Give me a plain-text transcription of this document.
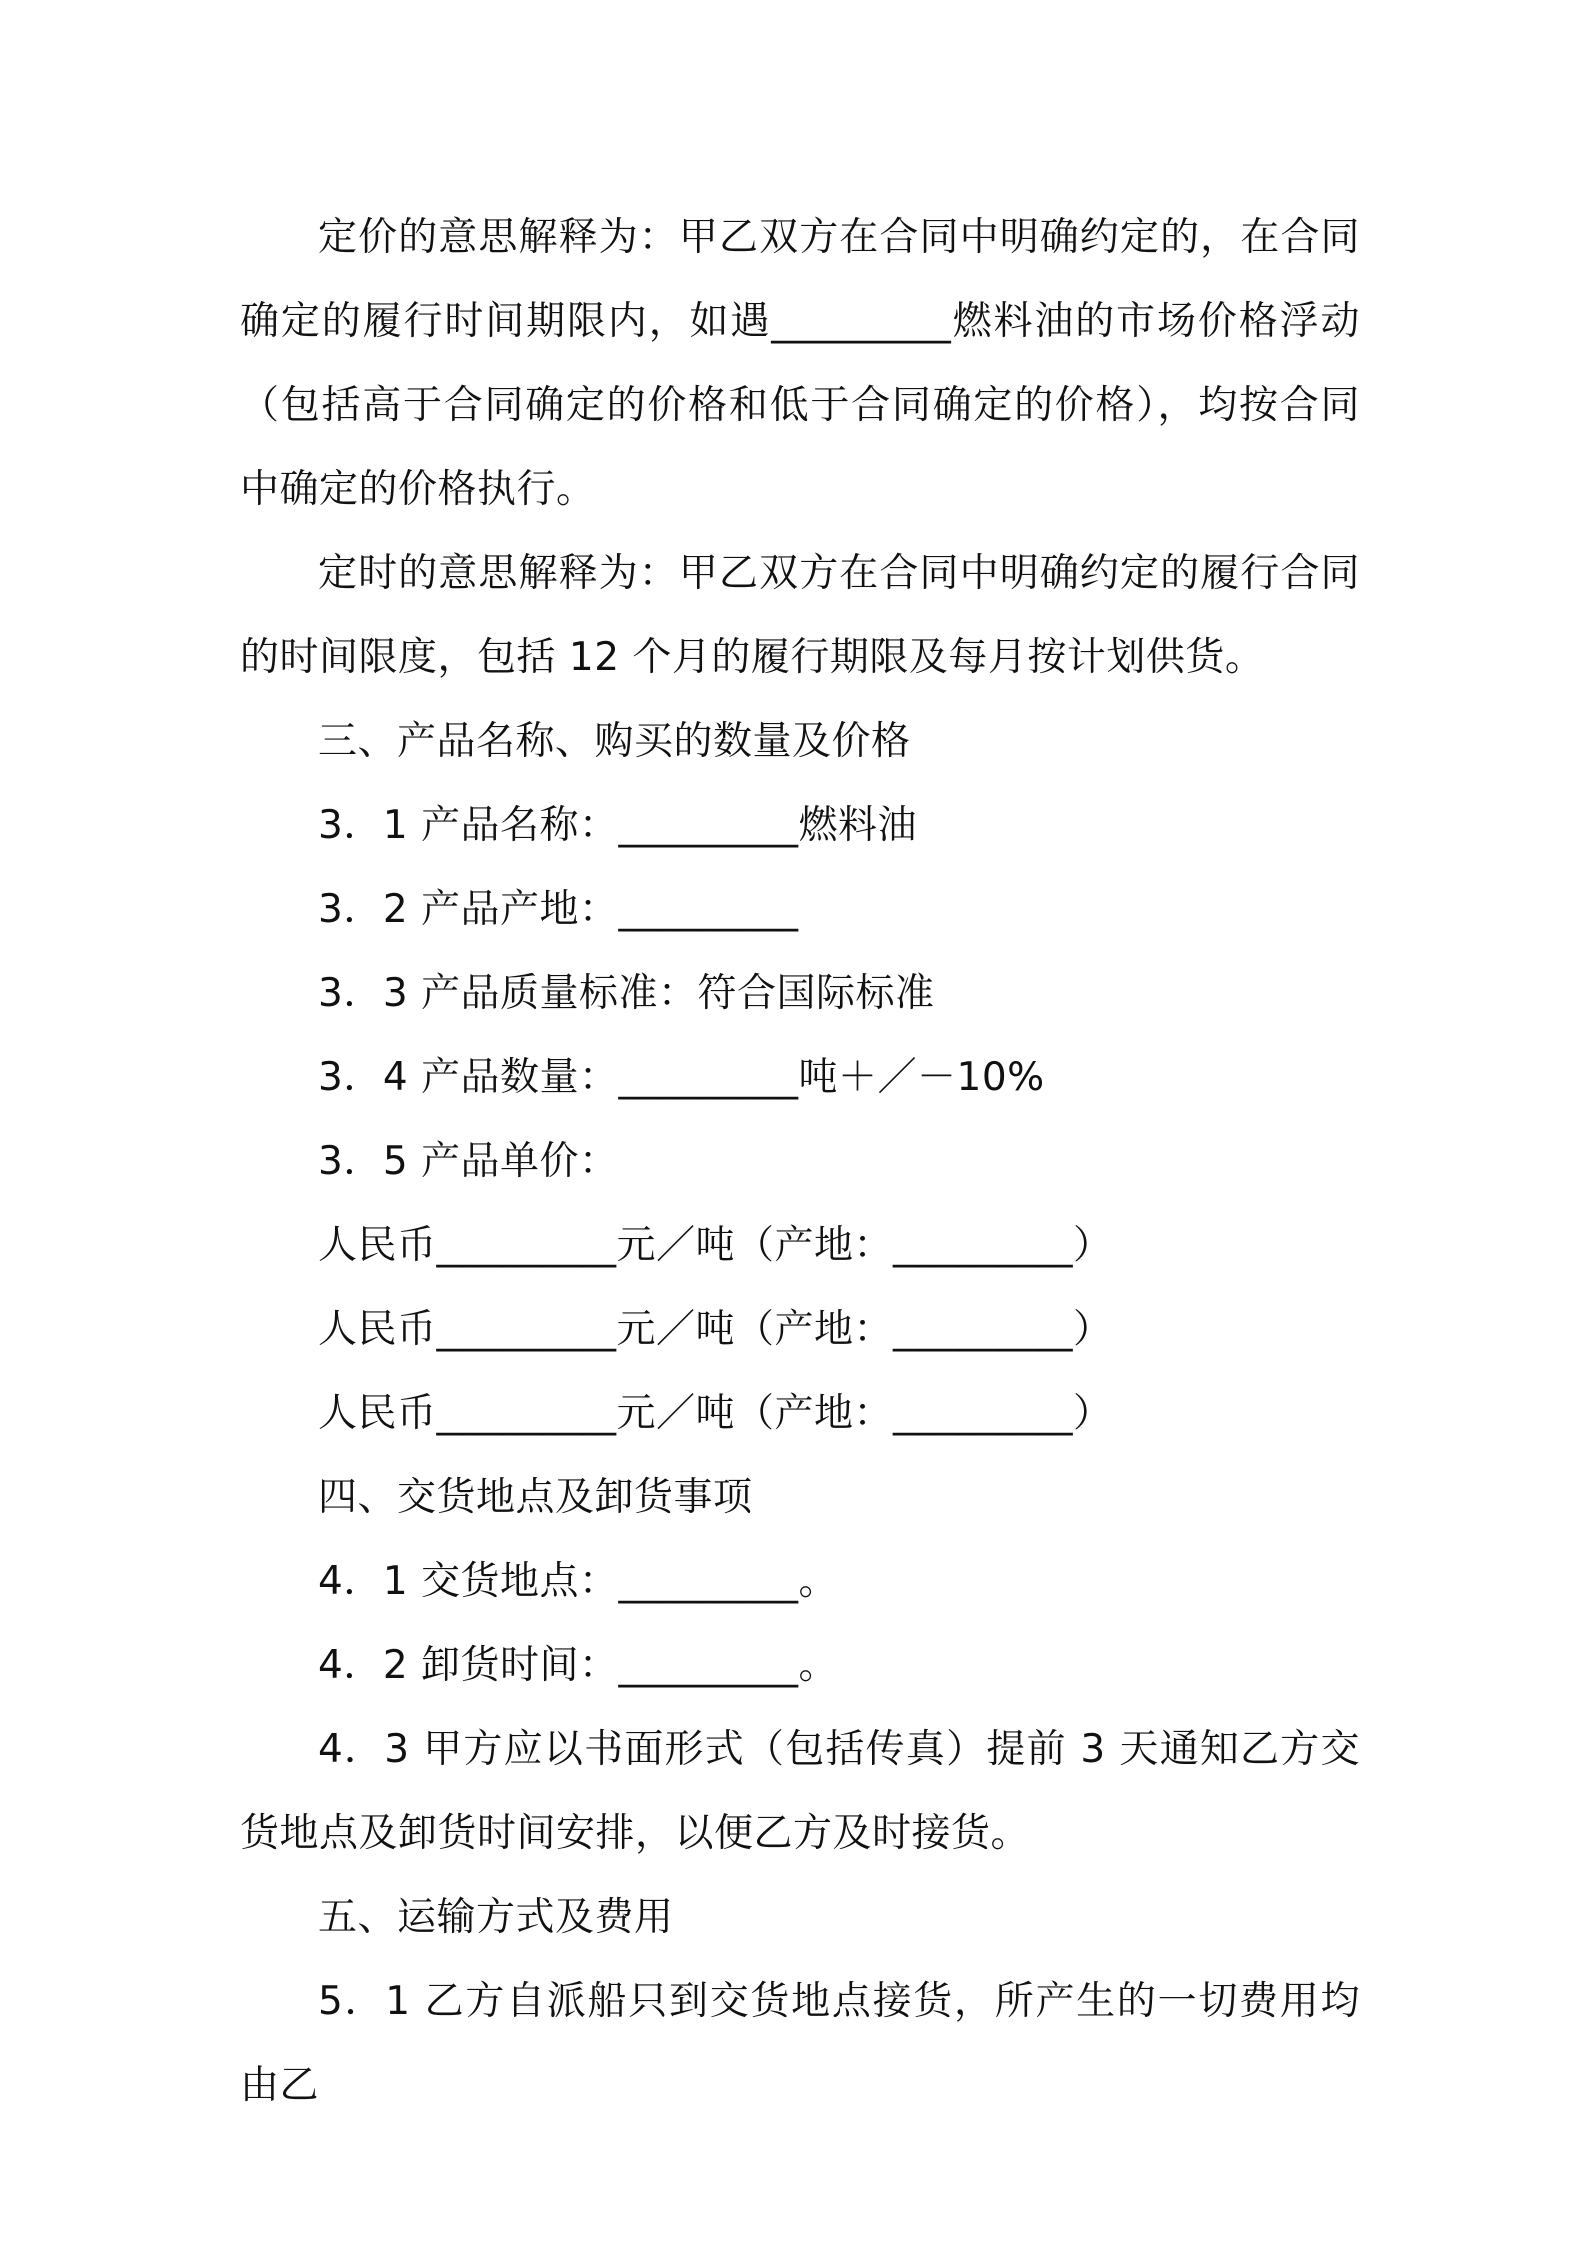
定价的意思解释为：甲乙双方在合同中明确约定的，在合同确定的履行时间期限内，如遇_________燃料油的市场价格浮动（包括高于合同确定的价格和低于合同确定的价格），均按合同中确定的价格执行。

定时的意思解释为：甲乙双方在合同中明确约定的履行合同的时间限度，包括 12 个月的履行期限及每月按计划供货。

三、产品名称、购买的数量及价格

3．1 产品名称：_________燃料油

3．2 产品产地：_________

3．3 产品质量标准：符合国际标准

3．4 产品数量：_________吨＋／－10%

3．5 产品单价：

人民币_________元／吨（产地：_________）

人民币_________元／吨（产地：_________）

人民币_________元／吨（产地：_________）

四、交货地点及卸货事项

4．1 交货地点：_________。

4．2 卸货时间：_________。

4．3 甲方应以书面形式（包括传真）提前 3 天通知乙方交货地点及卸货时间安排，以便乙方及时接货。

五、运输方式及费用

5．1 乙方自派船只到交货地点接货，所产生的一切费用均由乙
